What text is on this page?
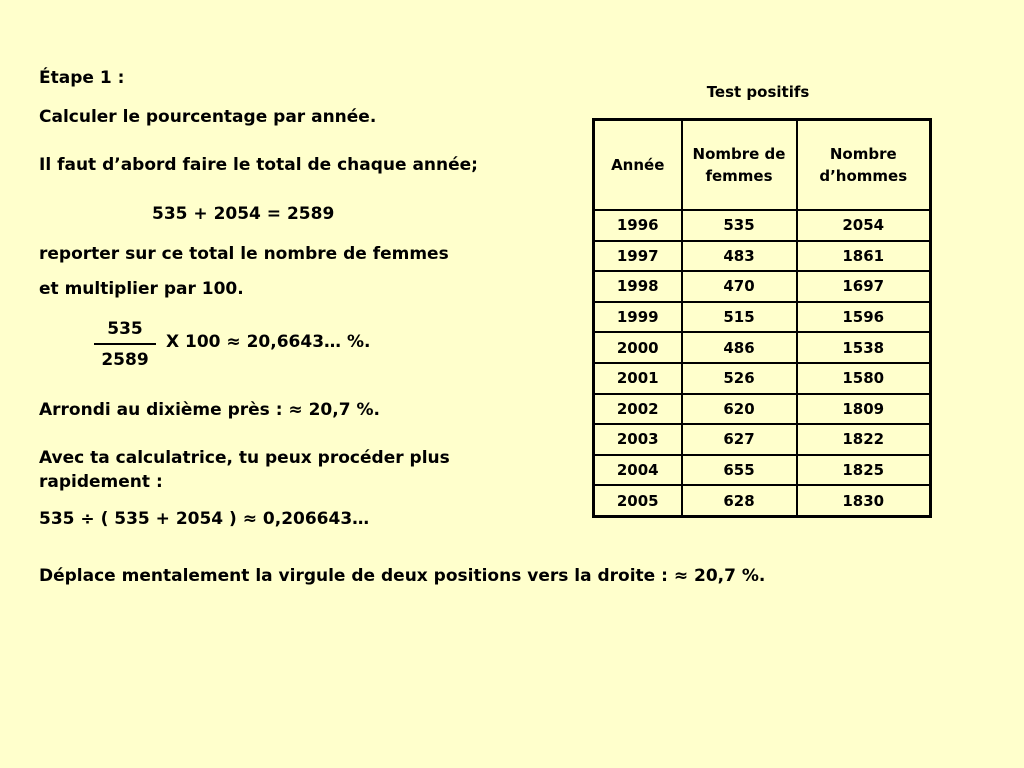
Étape 1 :
Calculer le pourcentage par année.
Il faut d’abord faire le total de chaque année;
535 + 2054 = 2589
reporter sur ce total le nombre de femmes
et multiplier par 100.
535
2589
X 100 ≈ 20,6643… %.
Arrondi au dixième près : ≈ 20,7 %.
Avec ta calculatrice, tu peux procéder plus
rapidement :
535 ÷ ( 535 + 2054 ) ≈ 0,206643…
Déplace mentalement la virgule de deux positions vers la droite : ≈ 20,7 %.
Test positifs
Année	Nombre de femmes	Nombre d’hommes
1996	535	2054
1997	483	1861
1998	470	1697
1999	515	1596
2000	486	1538
2001	526	1580
2002	620	1809
2003	627	1822
2004	655	1825
2005	628	1830
